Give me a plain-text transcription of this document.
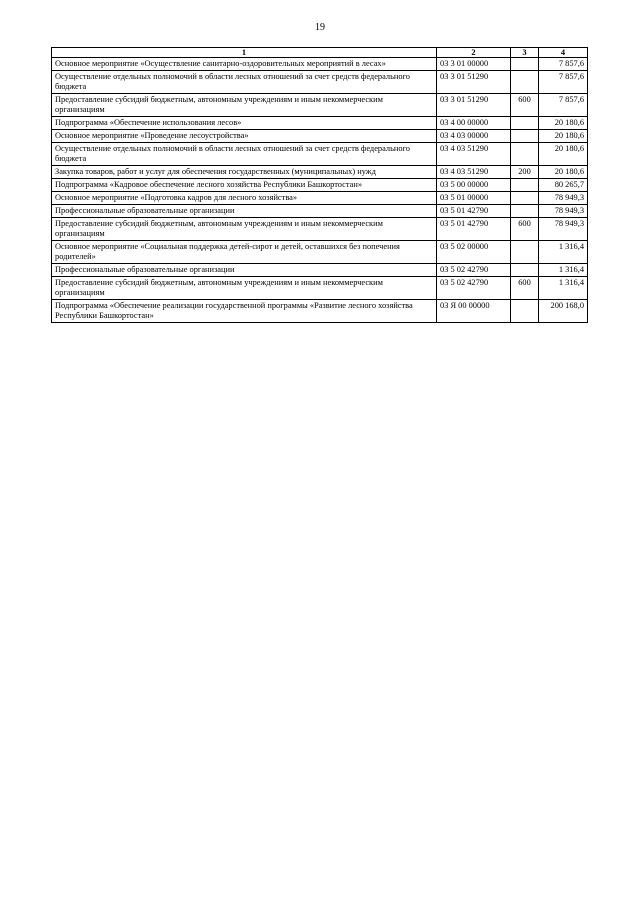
19
1	2	3	4
Основное мероприятие «Осуществление санитарно-оздоровительных мероприятий в лесах»	03 3 01 00000		7 857,6
Осуществление отдельных полномочий в области лесных отношений за счет средств федерального бюджета	03 3 01 51290		7 857,6
Предоставление субсидий бюджетным, автономным учреждениям и иным некоммерческим организациям	03 3 01 51290	600	7 857,6
Подпрограмма «Обеспечение использования лесов»	03 4 00 00000		20 180,6
Основное мероприятие «Проведение лесоустройства»	03 4 03 00000		20 180,6
Осуществление отдельных полномочий в области лесных отношений за счет средств федерального бюджета	03 4 03 51290		20 180,6
Закупка товаров, работ и услуг для обеспечения государственных (муниципальных) нужд	03 4 03 51290	200	20 180,6
Подпрограмма «Кадровое обеспечение лесного хозяйства Республики Башкортостан»	03 5 00 00000		80 265,7
Основное мероприятие «Подготовка кадров для лесного хозяйства»	03 5 01 00000		78 949,3
Профессиональные образовательные организации	03 5 01 42790		78 949,3
Предоставление субсидий бюджетным, автономным учреждениям и иным некоммерческим организациям	03 5 01 42790	600	78 949,3
Основное мероприятие «Социальная поддержка детей-сирот и детей, оставшихся без попечения родителей»	03 5 02 00000		1 316,4
Профессиональные образовательные организации	03 5 02 42790		1 316,4
Предоставление субсидий бюджетным, автономным учреждениям и иным некоммерческим организациям	03 5 02 42790	600	1 316,4
Подпрограмма «Обеспечение реализации государственной программы «Развитие лесного хозяйства Республики Башкортостан»	03 Я 00 00000		200 168,0
